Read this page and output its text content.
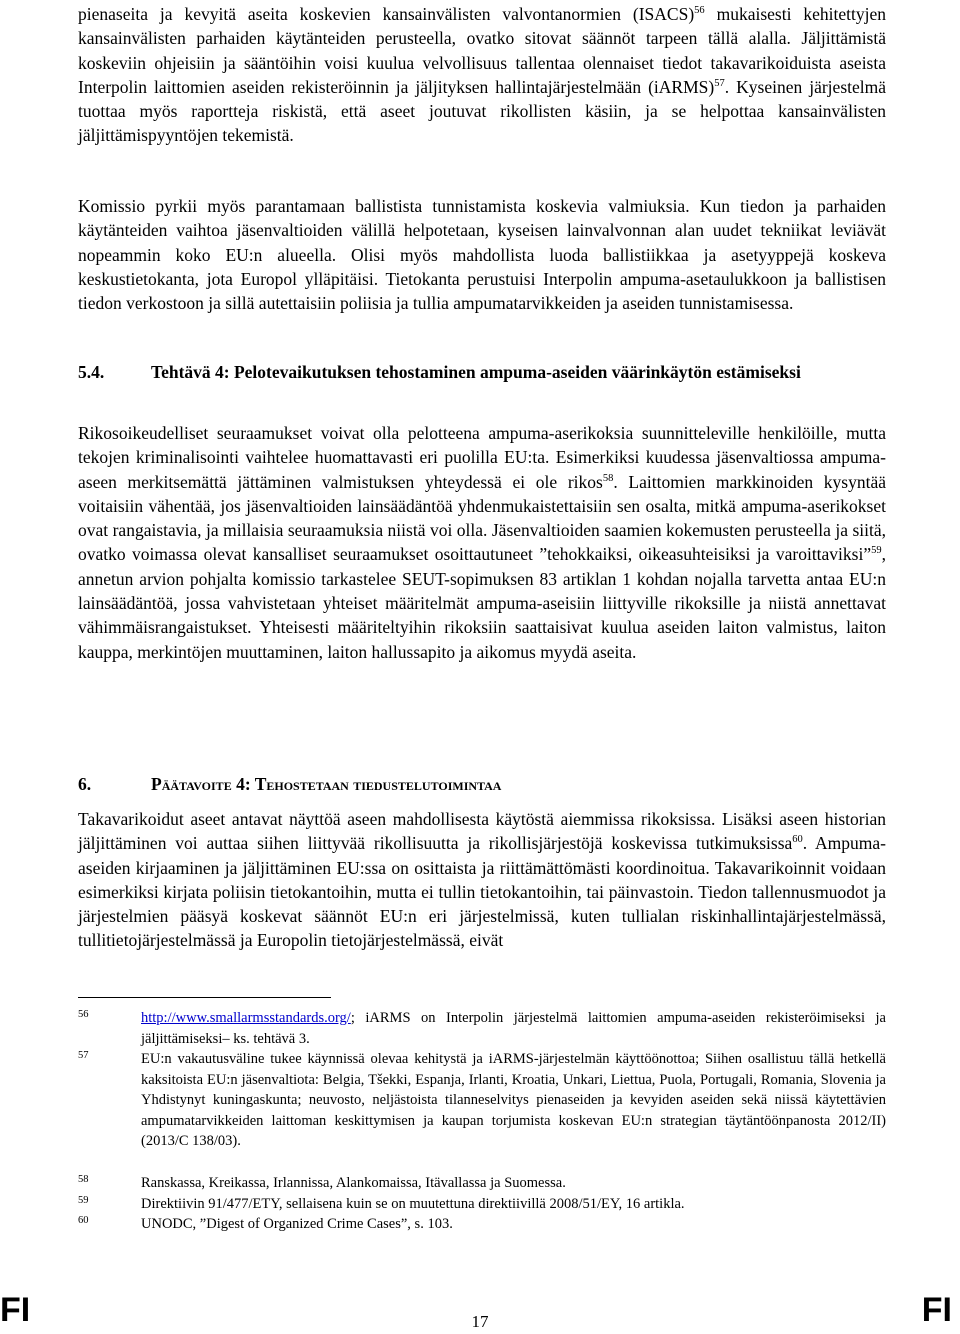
pienaseita ja kevyitä aseita koskevien kansainvälisten valvontanormien (ISACS)$^{56}$ mukaisesti kehitettyjen kansainvälisten parhaiden käytänteiden perusteella, ovatko sitovat säännöt tarpeen tällä alalla. Jäljittämistä koskeviin ohjeisiin ja sääntöihin voisi kuulua velvollisuus tallentaa olennaiset tiedot takavarikoiduista aseista Interpolin laittomien aseiden rekisteröinnin ja jäljityksen hallintajärjestelmään (iARMS)$^{57}$. Kyseinen järjestelmä tuottaa myös raportteja riskistä, että aseet joutuvat rikollisten käsiin, ja se helpottaa kansainvälisten jäljittämispyyntöjen tekemistä.

Komissio pyrkii myös parantamaan ballistista tunnistamista koskevia valmiuksia. Kun tiedon ja parhaiden käytänteiden vaihtoa jäsenvaltioiden välillä helpotetaan, kyseisen lainvalvonnan alan uudet tekniikat leviävät nopeammin koko EU:n alueella. Olisi myös mahdollista luoda ballistiikkaa ja asetyyppejä koskeva keskustietokanta, jota Europol ylläpitäisi. Tietokanta perustuisi Interpolin ampuma-asetaulukkoon ja ballistisen tiedon verkostoon ja sillä autettaisiin poliisia ja tullia ampumatarvikkeiden ja aseiden tunnistamisessa.

5.4.	Tehtävä 4: Pelotevaikutuksen tehostaminen ampuma-aseiden väärinkäytön estämiseksi

Rikosoikeudelliset seuraamukset voivat olla pelotteena ampuma-aserikoksia suunnitteleville henkilöille, mutta tekojen kriminalisointi vaihtelee huomattavasti eri puolilla EU:ta. Esimerkiksi kuudessa jäsenvaltiossa ampuma-aseen merkitsemättä jättäminen valmistuksen yhteydessä ei ole rikos$^{58}$. Laittomien markkinoiden kysyntää voitaisiin vähentää, jos jäsenvaltioiden lainsäädäntöä yhdenmukaistettaisiin sen osalta, mitkä ampuma-aserikokset ovat rangaistavia, ja millaisia seuraamuksia niistä voi olla. Jäsenvaltioiden saamien kokemusten perusteella ja siitä, ovatko voimassa olevat kansalliset seuraamukset osoittautuneet ”tehokkaiksi, oikeasuhteisiksi ja varoittaviksi”$^{59}$, annetun arvion pohjalta komissio tarkastelee SEUT-sopimuksen 83 artiklan 1 kohdan nojalla tarvetta antaa EU:n lainsäädäntöä, jossa vahvistetaan yhteiset määritelmät ampuma-aseisiin liittyville rikoksille ja niistä annettavat vähimmäisrangaistukset. Yhteisesti määriteltyihin rikoksiin saattaisivat kuulua aseiden laiton valmistus, laiton kauppa, merkintöjen muuttaminen, laiton hallussapito ja aikomus myydä aseita.

6.	Päätavoite 4: Tehostetaan tiedustelutoimintaa

Takavarikoidut aseet antavat näyttöä aseen mahdollisesta käytöstä aiemmissa rikoksissa. Lisäksi aseen historian jäljittäminen voi auttaa siihen liittyvää rikollisuutta ja rikollisjärjestöjä koskevissa tutkimuksissa$^{60}$. Ampuma-aseiden kirjaaminen ja jäljittäminen EU:ssa on osittaista ja riittämättömästi koordinoitua. Takavarikoinnit voidaan esimerkiksi kirjata poliisin tietokantoihin, mutta ei tullin tietokantoihin, tai päinvastoin. Tiedon tallennusmuodot ja järjestelmien pääsyä koskevat säännöt EU:n eri järjestelmissä, kuten tullialan riskinhallintajärjestelmässä, tullitietojärjestelmässä ja Europolin tietojärjestelmässä, eivät

56	http://www.smallarmsstandards.org/; iARMS on Interpolin järjestelmä laittomien ampuma-aseiden rekisteröimiseksi ja jäljittämiseksi– ks. tehtävä 3.
57	EU:n vakautusväline tukee käynnissä olevaa kehitystä ja iARMS-järjestelmän käyttöönottoa; Siihen osallistuu tällä hetkellä kaksitoista EU:n jäsenvaltiota: Belgia, Tšekki, Espanja, Irlanti, Kroatia, Unkari, Liettua, Puola, Portugali, Romania, Slovenia ja Yhdistynyt kuningaskunta; neuvosto, neljästoista tilanneselvitys pienaseiden ja kevyiden aseiden sekä niissä käytettävien ampumatarvikkeiden laittoman keskittymisen ja kaupan torjumista koskevan EU:n strategian täytäntöönpanosta 2012/II) (2013/C 138/03).
58	Ranskassa, Kreikassa, Irlannissa, Alankomaissa, Itävallassa ja Suomessa.
59	Direktiivin 91/477/ETY, sellaisena kuin se on muutettuna direktiivillä 2008/51/EY, 16 artikla.
60	UNODC, ”Digest of Organized Crime Cases”, s. 103.
FI	17	FI
